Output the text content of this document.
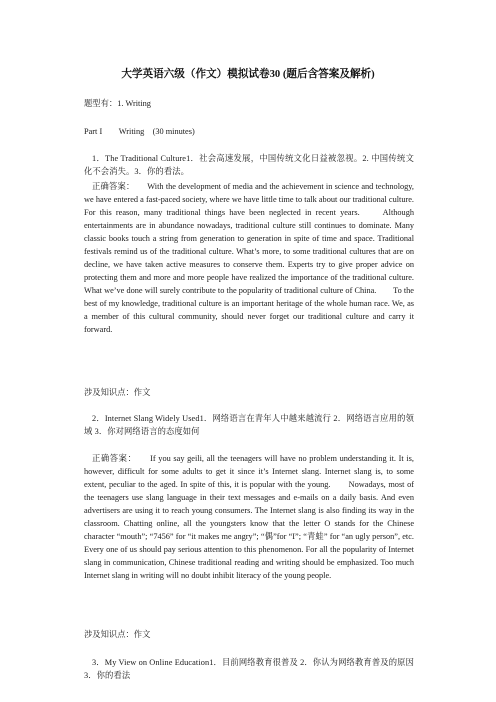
大学英语六级（作文）模拟试卷30 (题后含答案及解析)

题型有：1. Writing

Part I　　Writing　(30 minutes)

1．The Traditional Culture1．社会高速发展，中国传统文化日益被忽视。2. 中国传统文化不会消失。3．你的看法。

正确答案：　　With the development of media and the achievement in science and technology, we have entered a fast-paced society, where we have little time to talk about our traditional culture. For this reason, many traditional things have been neglected in recent years.　　Although entertainments are in abundance nowadays, traditional culture still continues to dominate. Many classic books touch a string from generation to generation in spite of time and space. Traditional festivals remind us of the traditional culture. What’s more, to some traditional cultures that are on decline, we have taken active measures to conserve them. Experts try to give proper advice on protecting them and more and more people have realized the importance of the traditional culture. What we’ve done will surely contribute to the popularity of traditional culture of China.　　To the best of my knowledge, traditional culture is an important heritage of the whole human race. We, as a member of this cultural community, should never forget our traditional culture and carry it forward.

涉及知识点：作文

2．Internet Slang Widely Used1．网络语言在青年人中越来越流行 2．网络语言应用的领域 3．你对网络语言的态度如何

正确答案：　　If you say geili, all the teenagers will have no problem understanding it. It is, however, difficult for some adults to get it since it’s Internet slang. Internet slang is, to some extent, peculiar to the aged. In spite of this, it is popular with the young.　　Nowadays, most of the teenagers use slang language in their text messages and e-mails on a daily basis. And even advertisers are using it to reach young consumers. The Internet slang is also finding its way in the classroom. Chatting online, all the youngsters know that the letter O stands for the Chinese character “mouth”; “7456” for “it makes me angry”; “偶”for “I”; “青蛙” for “an ugly person”, etc.　　Every one of us should pay serious attention to this phenomenon. For all the popularity of Internet slang in communication, Chinese traditional reading and writing should be emphasized. Too much Internet slang in writing will no doubt inhibit literacy of the young people.

涉及知识点：作文

3．My View on Online Education1．目前网络教育很普及 2．你认为网络教育普及的原因 3．你的看法
